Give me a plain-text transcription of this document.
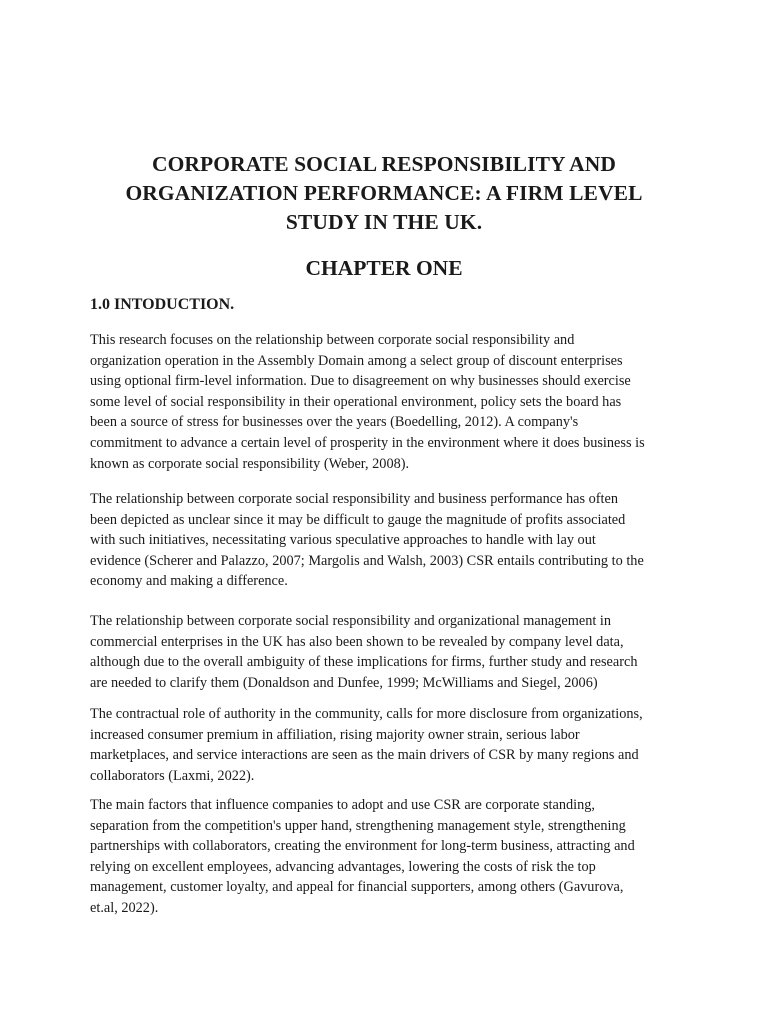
CORPORATE SOCIAL RESPONSIBILITY AND
ORGANIZATION PERFORMANCE: A FIRM LEVEL
STUDY IN THE UK.
CHAPTER ONE
1.0 INTODUCTION.

This research focuses on the relationship between corporate social responsibility and
organization operation in the Assembly Domain among a select group of discount enterprises
using optional firm-level information. Due to disagreement on why businesses should exercise
some level of social responsibility in their operational environment, policy sets the board has
been a source of stress for businesses over the years (Boedelling, 2012). A company's
commitment to advance a certain level of prosperity in the environment where it does business is
known as corporate social responsibility (Weber, 2008).

The relationship between corporate social responsibility and business performance has often
been depicted as unclear since it may be difficult to gauge the magnitude of profits associated
with such initiatives, necessitating various speculative approaches to handle with lay out
evidence (Scherer and Palazzo, 2007; Margolis and Walsh, 2003) CSR entails contributing to the
economy and making a difference.

The relationship between corporate social responsibility and organizational management in
commercial enterprises in the UK has also been shown to be revealed by company level data,
although due to the overall ambiguity of these implications for firms, further study and research
are needed to clarify them (Donaldson and Dunfee, 1999; McWilliams and Siegel, 2006)

The contractual role of authority in the community, calls for more disclosure from organizations,
increased consumer premium in affiliation, rising majority owner strain, serious labor
marketplaces, and service interactions are seen as the main drivers of CSR by many regions and
collaborators (Laxmi, 2022).

The main factors that influence companies to adopt and use CSR are corporate standing,
separation from the competition's upper hand, strengthening management style, strengthening
partnerships with collaborators, creating the environment for long-term business, attracting and
relying on excellent employees, advancing advantages, lowering the costs of risk the top
management, customer loyalty, and appeal for financial supporters, among others (Gavurova,
et.al, 2022).
